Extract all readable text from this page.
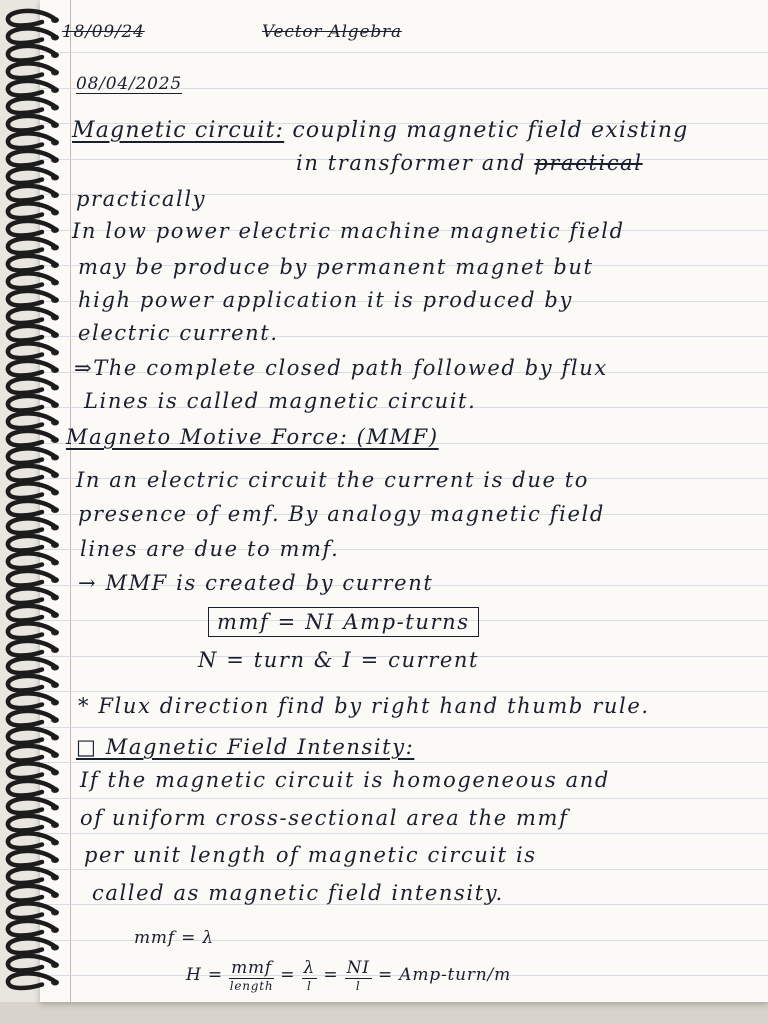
18/09/24	Vector Algebra
08/04/2025
Magnetic circuit: coupling magnetic field existing
in transformer and practical
practically
In low power electric machine magnetic field
may be produce by permanent magnet but
high power application it is produced by
electric current.
⇒The complete closed path followed by flux
Lines is called magnetic circuit.
Magneto Motive Force: (MMF)
In an electric circuit the current is due to
presence of emf. By analogy magnetic field
lines are due to mmf.
→ MMF is created by current
mmf = NI Amp-turns
N = turn & I = current
* Flux direction find by right hand thumb rule.
□ Magnetic Field Intensity:
If the magnetic circuit is homogeneous and
of uniform cross-sectional area the mmf
per unit length of magnetic circuit is
called as magnetic field intensity.
mmf = λ
$H = \frac{\text{mmf}}{\text{length}} = \frac{\lambda}{l} = \frac{NI}{l}$ = Amp-turn/m
